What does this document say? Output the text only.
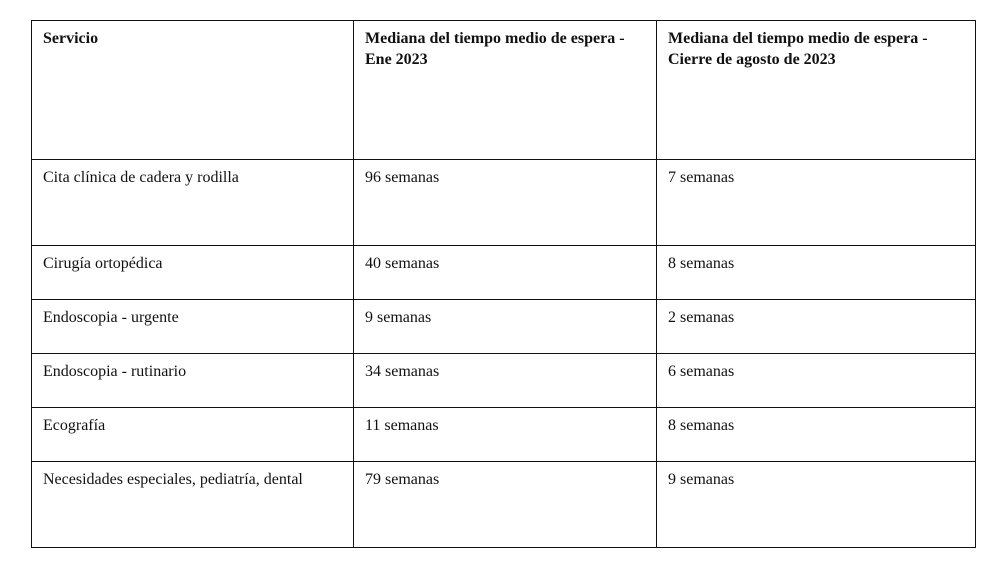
Servicio	Mediana del tiempo medio de espera - Ene 2023	Mediana del tiempo medio de espera - Cierre de agosto de 2023

Cita clínica de cadera y rodilla	96 semanas	7 semanas

Cirugía ortopédica	40 semanas	8 semanas

Endoscopia - urgente	9 semanas	2 semanas

Endoscopia - rutinario	34 semanas	6 semanas

Ecografía	11 semanas	8 semanas

Necesidades especiales, pediatría, dental	79 semanas	9 semanas
